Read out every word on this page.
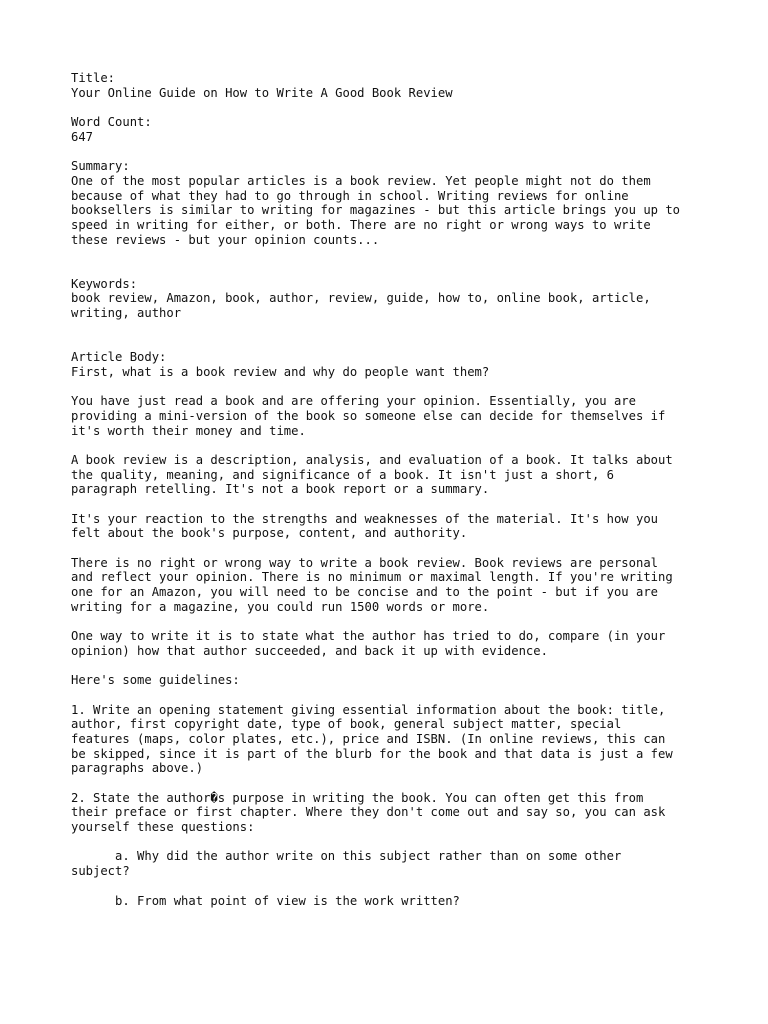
Title:
Your Online Guide on How to Write A Good Book Review
Word Count:
647
Summary:
One of the most popular articles is a book review. Yet people might not do them
because of what they had to go through in school. Writing reviews for online
booksellers is similar to writing for magazines - but this article brings you up to
speed in writing for either, or both. There are no right or wrong ways to write
these reviews - but your opinion counts...
Keywords:
book review, Amazon, book, author, review, guide, how to, online book, article,
writing, author
Article Body:
First, what is a book review and why do people want them?
You have just read a book and are offering your opinion. Essentially, you are
providing a mini-version of the book so someone else can decide for themselves if
it's worth their money and time.
A book review is a description, analysis, and evaluation of a book. It talks about
the quality, meaning, and significance of a book. It isn't just a short, 6
paragraph retelling. It's not a book report or a summary.
It's your reaction to the strengths and weaknesses of the material. It's how you
felt about the book's purpose, content, and authority.
There is no right or wrong way to write a book review. Book reviews are personal
and reflect your opinion. There is no minimum or maximal length. If you're writing
one for an Amazon, you will need to be concise and to the point - but if you are
writing for a magazine, you could run 1500 words or more.
One way to write it is to state what the author has tried to do, compare (in your
opinion) how that author succeeded, and back it up with evidence.
Here's some guidelines:
1. Write an opening statement giving essential information about the book: title,
author, first copyright date, type of book, general subject matter, special
features (maps, color plates, etc.), price and ISBN. (In online reviews, this can
be skipped, since it is part of the blurb for the book and that data is just a few
paragraphs above.)
2. State the author�s purpose in writing the book. You can often get this from
their preface or first chapter. Where they don't come out and say so, you can ask
yourself these questions:
a. Why did the author write on this subject rather than on some other
subject?
b. From what point of view is the work written?
